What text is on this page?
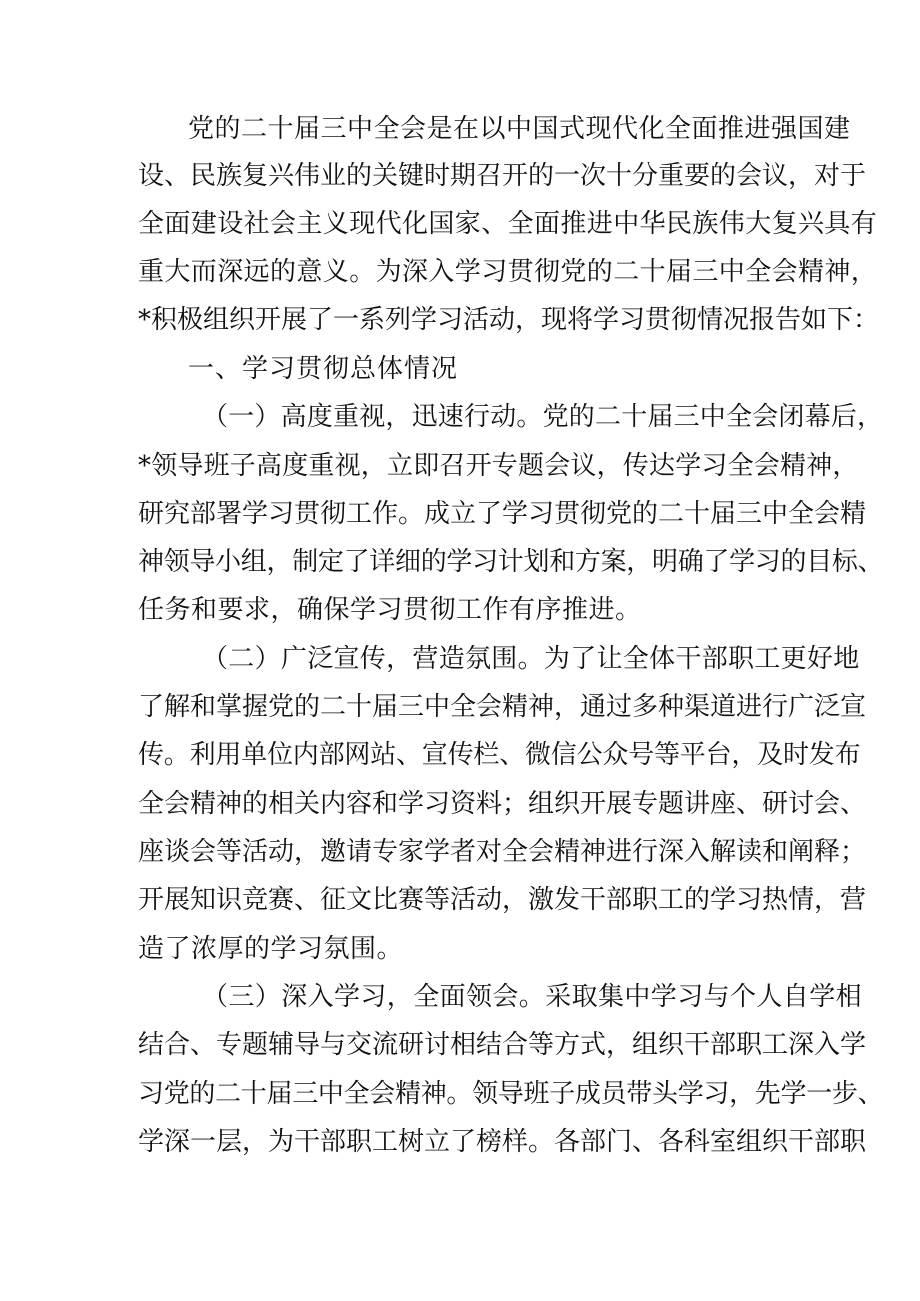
党的二十届三中全会是在以中国式现代化全面推进强国建

设、民族复兴伟业的关键时期召开的一次十分重要的会议，对于

全面建设社会主义现代化国家、全面推进中华民族伟大复兴具有

重大而深远的意义。为深入学习贯彻党的二十届三中全会精神，

*积极组织开展了一系列学习活动，现将学习贯彻情况报告如下：

一、学习贯彻总体情况

（一）高度重视，迅速行动。党的二十届三中全会闭幕后，

*领导班子高度重视，立即召开专题会议，传达学习全会精神，

研究部署学习贯彻工作。成立了学习贯彻党的二十届三中全会精

神领导小组，制定了详细的学习计划和方案，明确了学习的目标、

任务和要求，确保学习贯彻工作有序推进。

（二）广泛宣传，营造氛围。为了让全体干部职工更好地

了解和掌握党的二十届三中全会精神，通过多种渠道进行广泛宣

传。利用单位内部网站、宣传栏、微信公众号等平台，及时发布

全会精神的相关内容和学习资料；组织开展专题讲座、研讨会、

座谈会等活动，邀请专家学者对全会精神进行深入解读和阐释；

开展知识竞赛、征文比赛等活动，激发干部职工的学习热情，营

造了浓厚的学习氛围。

（三）深入学习，全面领会。采取集中学习与个人自学相

结合、专题辅导与交流研讨相结合等方式，组织干部职工深入学

习党的二十届三中全会精神。领导班子成员带头学习，先学一步、

学深一层，为干部职工树立了榜样。各部门、各科室组织干部职
